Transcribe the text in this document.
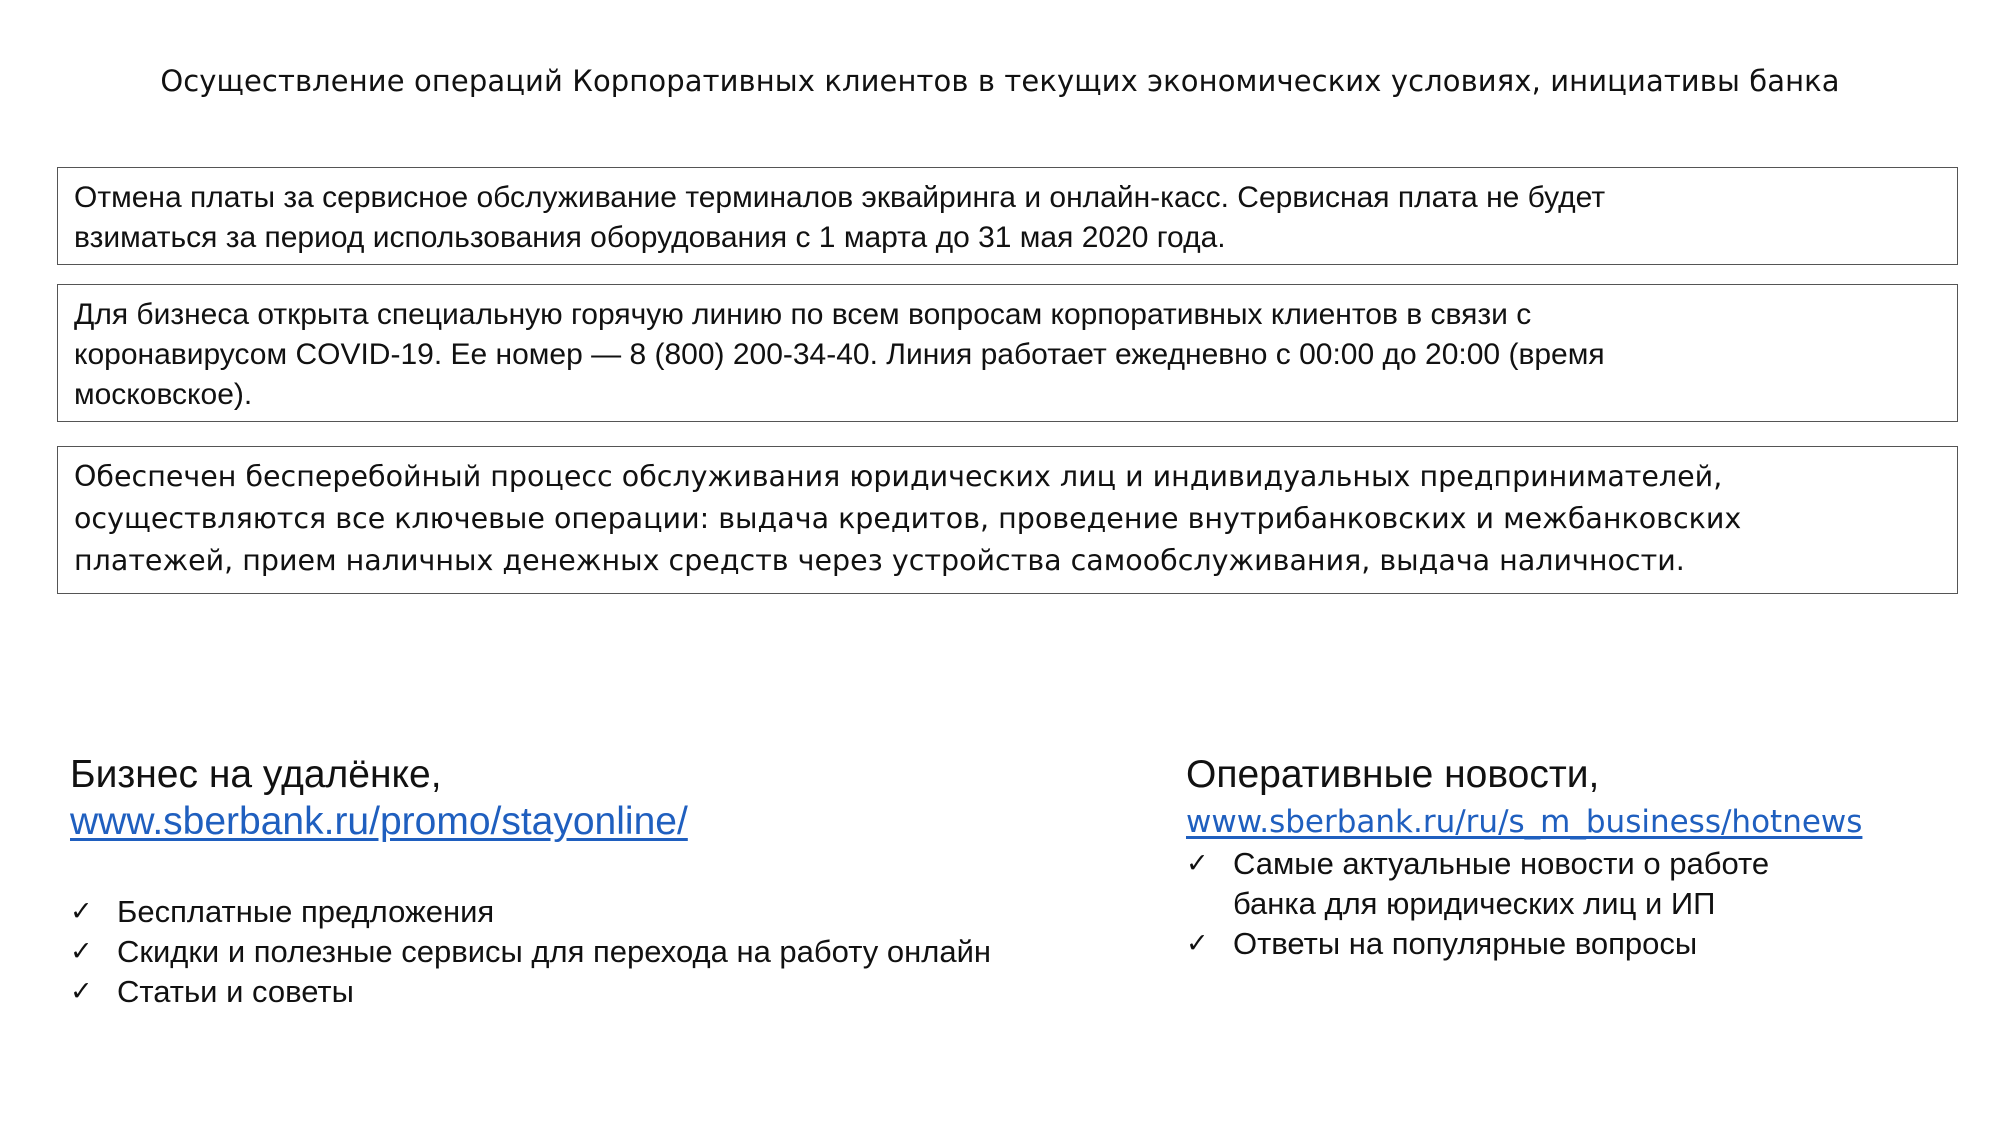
Осуществление операций Корпоративных клиентов в текущих экономических условиях, инициативы банка
Отмена платы за сервисное обслуживание терминалов эквайринга и онлайн-касс. Сервисная плата не будет
взиматься за период использования оборудования с 1 марта до 31 мая 2020 года.
Для бизнеса открыта специальную горячую линию по всем вопросам корпоративных клиентов в связи с
коронавирусом COVID-19. Ее номер — 8 (800) 200-34-40. Линия работает ежедневно с 00:00 до 20:00 (время
московское).
Обеспечен бесперебойный процесс обслуживания юридических лиц и индивидуальных предпринимателей,
осуществляются все ключевые операции: выдача кредитов, проведение внутрибанковских и межбанковских
платежей, прием наличных денежных средств через устройства самообслуживания, выдача наличности.
Бизнес на удалёнке,
www.sberbank.ru/promo/stayonline/
✓ Бесплатные предложения
✓ Скидки и полезные сервисы для перехода на работу онлайн
✓ Статьи и советы
Оперативные новости,
www.sberbank.ru/ru/s_m_business/hotnews
✓ Самые актуальные новости о работе
банка для юридических лиц и ИП
✓ Ответы на популярные вопросы
